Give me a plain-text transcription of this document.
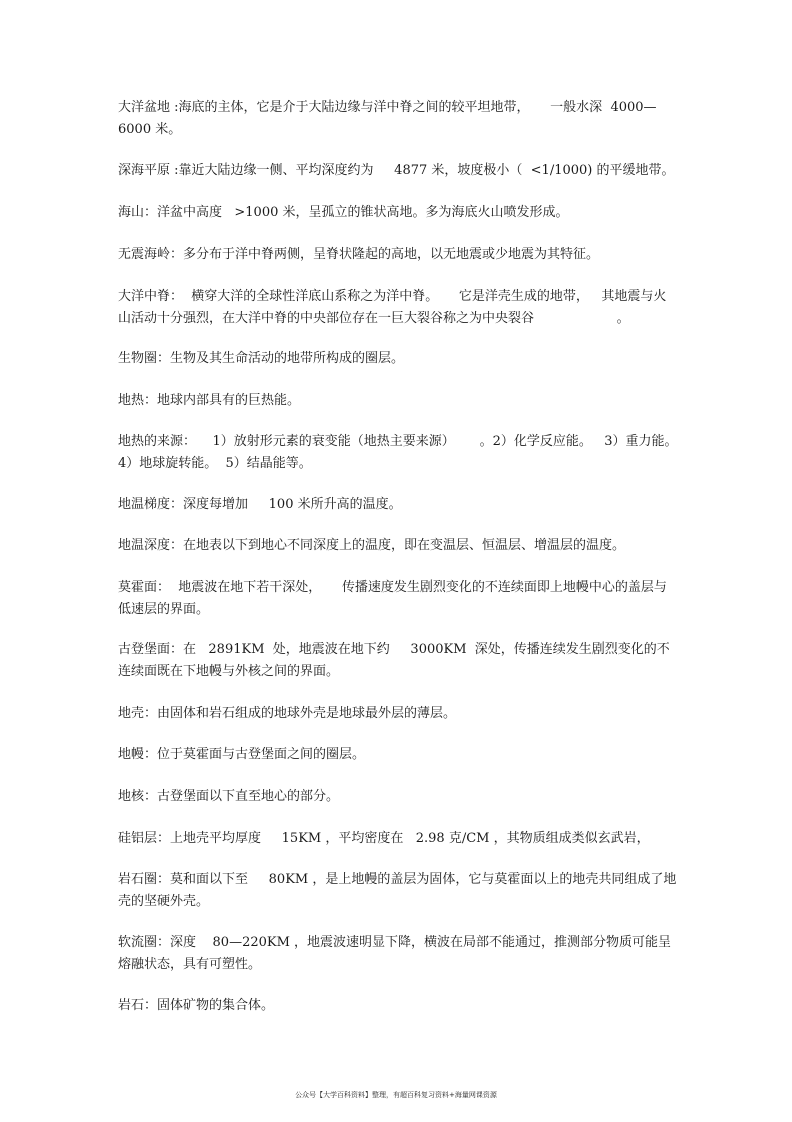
大洋盆地 :海底的主体，它是介于大陆边缘与洋中脊之间的较平坦地带，     一般水深  4000—6000 米。

深海平原 :靠近大陆边缘一侧、平均深度约为     4877 米，坡度极小（  <1/1000) 的平缓地带。

海山：洋盆中高度   >1000 米，呈孤立的锥状高地。多为海底火山喷发形成。

无震海岭：多分布于洋中脊两侧，呈脊状隆起的高地，以无地震或少地震为其特征。

大洋中脊：  横穿大洋的全球性洋底山系称之为洋中脊。     它是洋壳生成的地带，   其地震与火山活动十分强烈，在大洋中脊的中央部位存在一巨大裂谷称之为中央裂谷                    。

生物圈：生物及其生命活动的地带所构成的圈层。

地热：地球内部具有的巨热能。

地热的来源：    1）放射形元素的衰变能（地热主要来源）      。2）化学反应能。   3）重力能。  4）地球旋转能。  5）结晶能等。

地温梯度：深度每增加     100 米所升高的温度。

地温深度：在地表以下到地心不同深度上的温度，即在变温层、恒温层、增温层的温度。

莫霍面：  地震波在地下若干深处，     传播速度发生剧烈变化的不连续面即上地幔中心的盖层与低速层的界面。

古登堡面：在   2891KM  处，地震波在地下约     3000KM  深处，传播连续发生剧烈变化的不连续面既在下地幔与外核之间的界面。

地壳：由固体和岩石组成的地球外壳是地球最外层的薄层。

地幔：位于莫霍面与古登堡面之间的圈层。

地核：古登堡面以下直至地心的部分。

硅铝层：上地壳平均厚度     15KM ，平均密度在   2.98 克/CM ，其物质组成类似玄武岩，

岩石圈：莫和面以下至     80KM ，是上地幔的盖层为固体，它与莫霍面以上的地壳共同组成了地壳的坚硬外壳。

软流圈：深度    80—220KM ，地震波速明显下降，横波在局部不能通过，推测部分物质可能呈熔融状态，具有可塑性。

岩石：固体矿物的集合体。

公众号【大学百科资料】整理，有超百科复习资料+海量网课资源
